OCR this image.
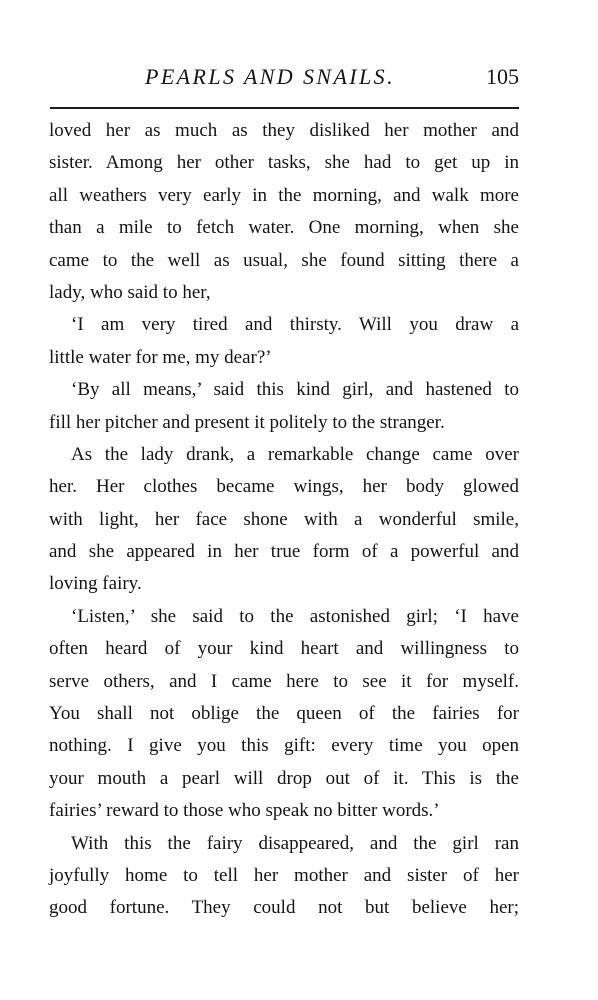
PEARLS AND SNAILS.	105
loved her as much as they disliked her mother and
sister. Among her other tasks, she had to get up in
all weathers very early in the morning, and walk more
than a mile to fetch water. One morning, when she
came to the well as usual, she found sitting there a
lady, who said to her,
‘I am very tired and thirsty. Will you draw a
little water for me, my dear?’
‘By all means,’ said this kind girl, and hastened to
fill her pitcher and present it politely to the stranger.
As the lady drank, a remarkable change came over
her. Her clothes became wings, her body glowed
with light, her face shone with a wonderful smile,
and she appeared in her true form of a powerful and
loving fairy.
‘Listen,’ she said to the astonished girl; ‘I have
often heard of your kind heart and willingness to
serve others, and I came here to see it for myself.
You shall not oblige the queen of the fairies for
nothing. I give you this gift: every time you open
your mouth a pearl will drop out of it. This is the
fairies’ reward to those who speak no bitter words.’
With this the fairy disappeared, and the girl ran
joyfully home to tell her mother and sister of her
good fortune. They could not but believe her;
